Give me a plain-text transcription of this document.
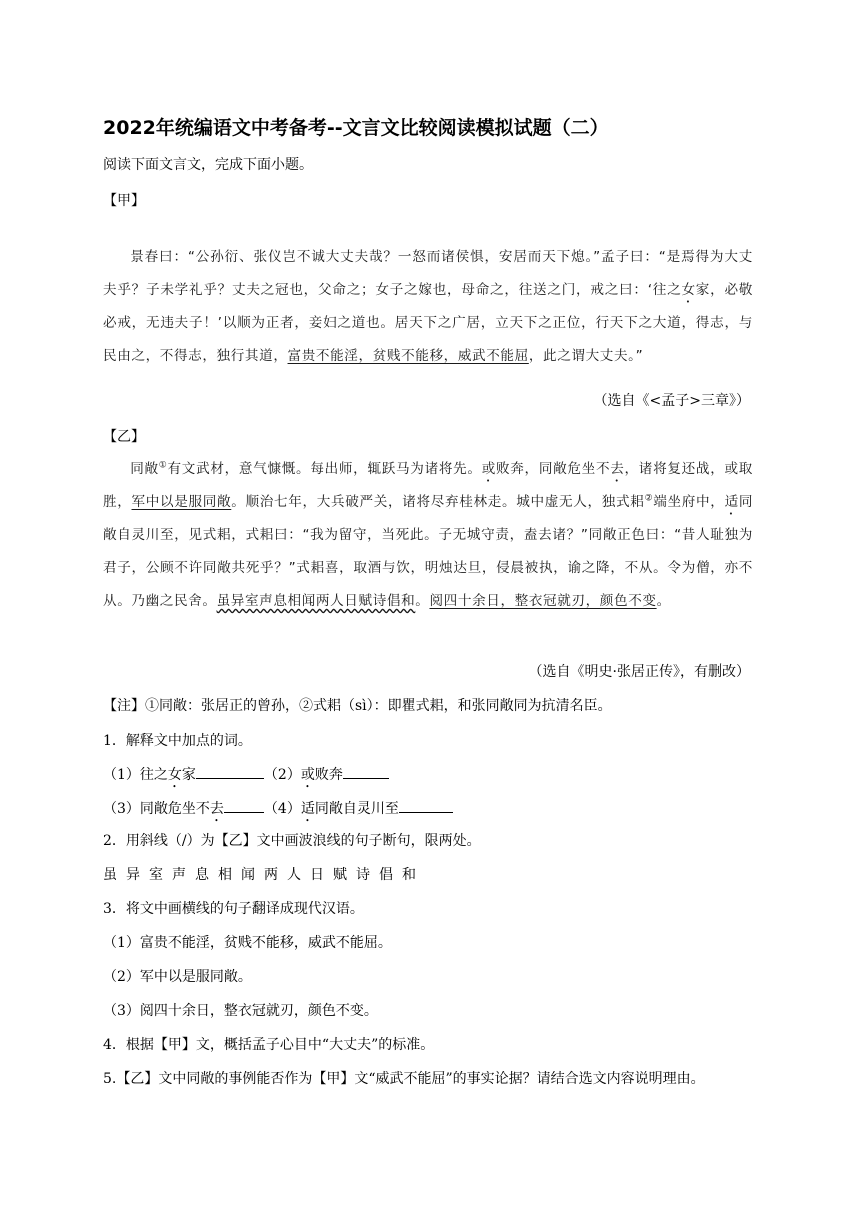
2022年统编语文中考备考--文言文比较阅读模拟试题（二）
阅读下面文言文，完成下面小题。
【甲】
景春曰：“公孙衍、张仪岂不诚大丈夫哉？一怒而诸侯惧，安居而天下熄。”孟子曰：“是焉得为大丈夫乎？子未学礼乎？丈夫之冠也，父命之；女子之嫁也，母命之，往送之门，戒之曰：‘往之女家，必敬必戒，无违夫子！’以顺为正者，妾妇之道也。居天下之广居，立天下之正位，行天下之大道，得志，与民由之，不得志，独行其道，富贵不能淫，贫贱不能移，威武不能屈，此之谓大丈夫。”
（选自《<孟子>三章》）
【乙】
同敞①有文武材，意气慷慨。每出师，辄跃马为诸将先。或败奔，同敞危坐不去，诸将复还战，或取胜，军中以是服同敞。顺治七年，大兵破严关，诸将尽弃桂林走。城中虚无人，独式耜②端坐府中，适同敞自灵川至，见式耜，式耜曰：“我为留守，当死此。子无城守责，盍去诸？”同敞正色曰：“昔人耻独为君子，公顾不许同敞共死乎？”式耜喜，取酒与饮，明烛达旦，侵晨被执，谕之降，不从。令为僧，亦不从。乃幽之民舍。虽异室声息相闻两人日赋诗倡和。阅四十余日，整衣冠就刃，颜色不变。
（选自《明史·张居正传》，有删改）
【注】①同敞：张居正的曾孙，②式耜（sì）：即瞿式耜，和张同敞同为抗清名臣。
1．解释文中加点的词。
（1）往之女家	（2）或败奔
（3）同敞危坐不去	（4）适同敞自灵川至
2．用斜线（/）为【乙】文中画波浪线的句子断句，限两处。
虽异室声息相闻两人日赋诗倡和
3．将文中画横线的句子翻译成现代汉语。
（1）富贵不能淫，贫贱不能移，威武不能屈。
（2）军中以是服同敞。
（3）阅四十余日，整衣冠就刃，颜色不变。
4．根据【甲】文，概括孟子心目中“大丈夫”的标准。
5.【乙】文中同敞的事例能否作为【甲】文“威武不能屈”的事实论据？请结合选文内容说明理由。
